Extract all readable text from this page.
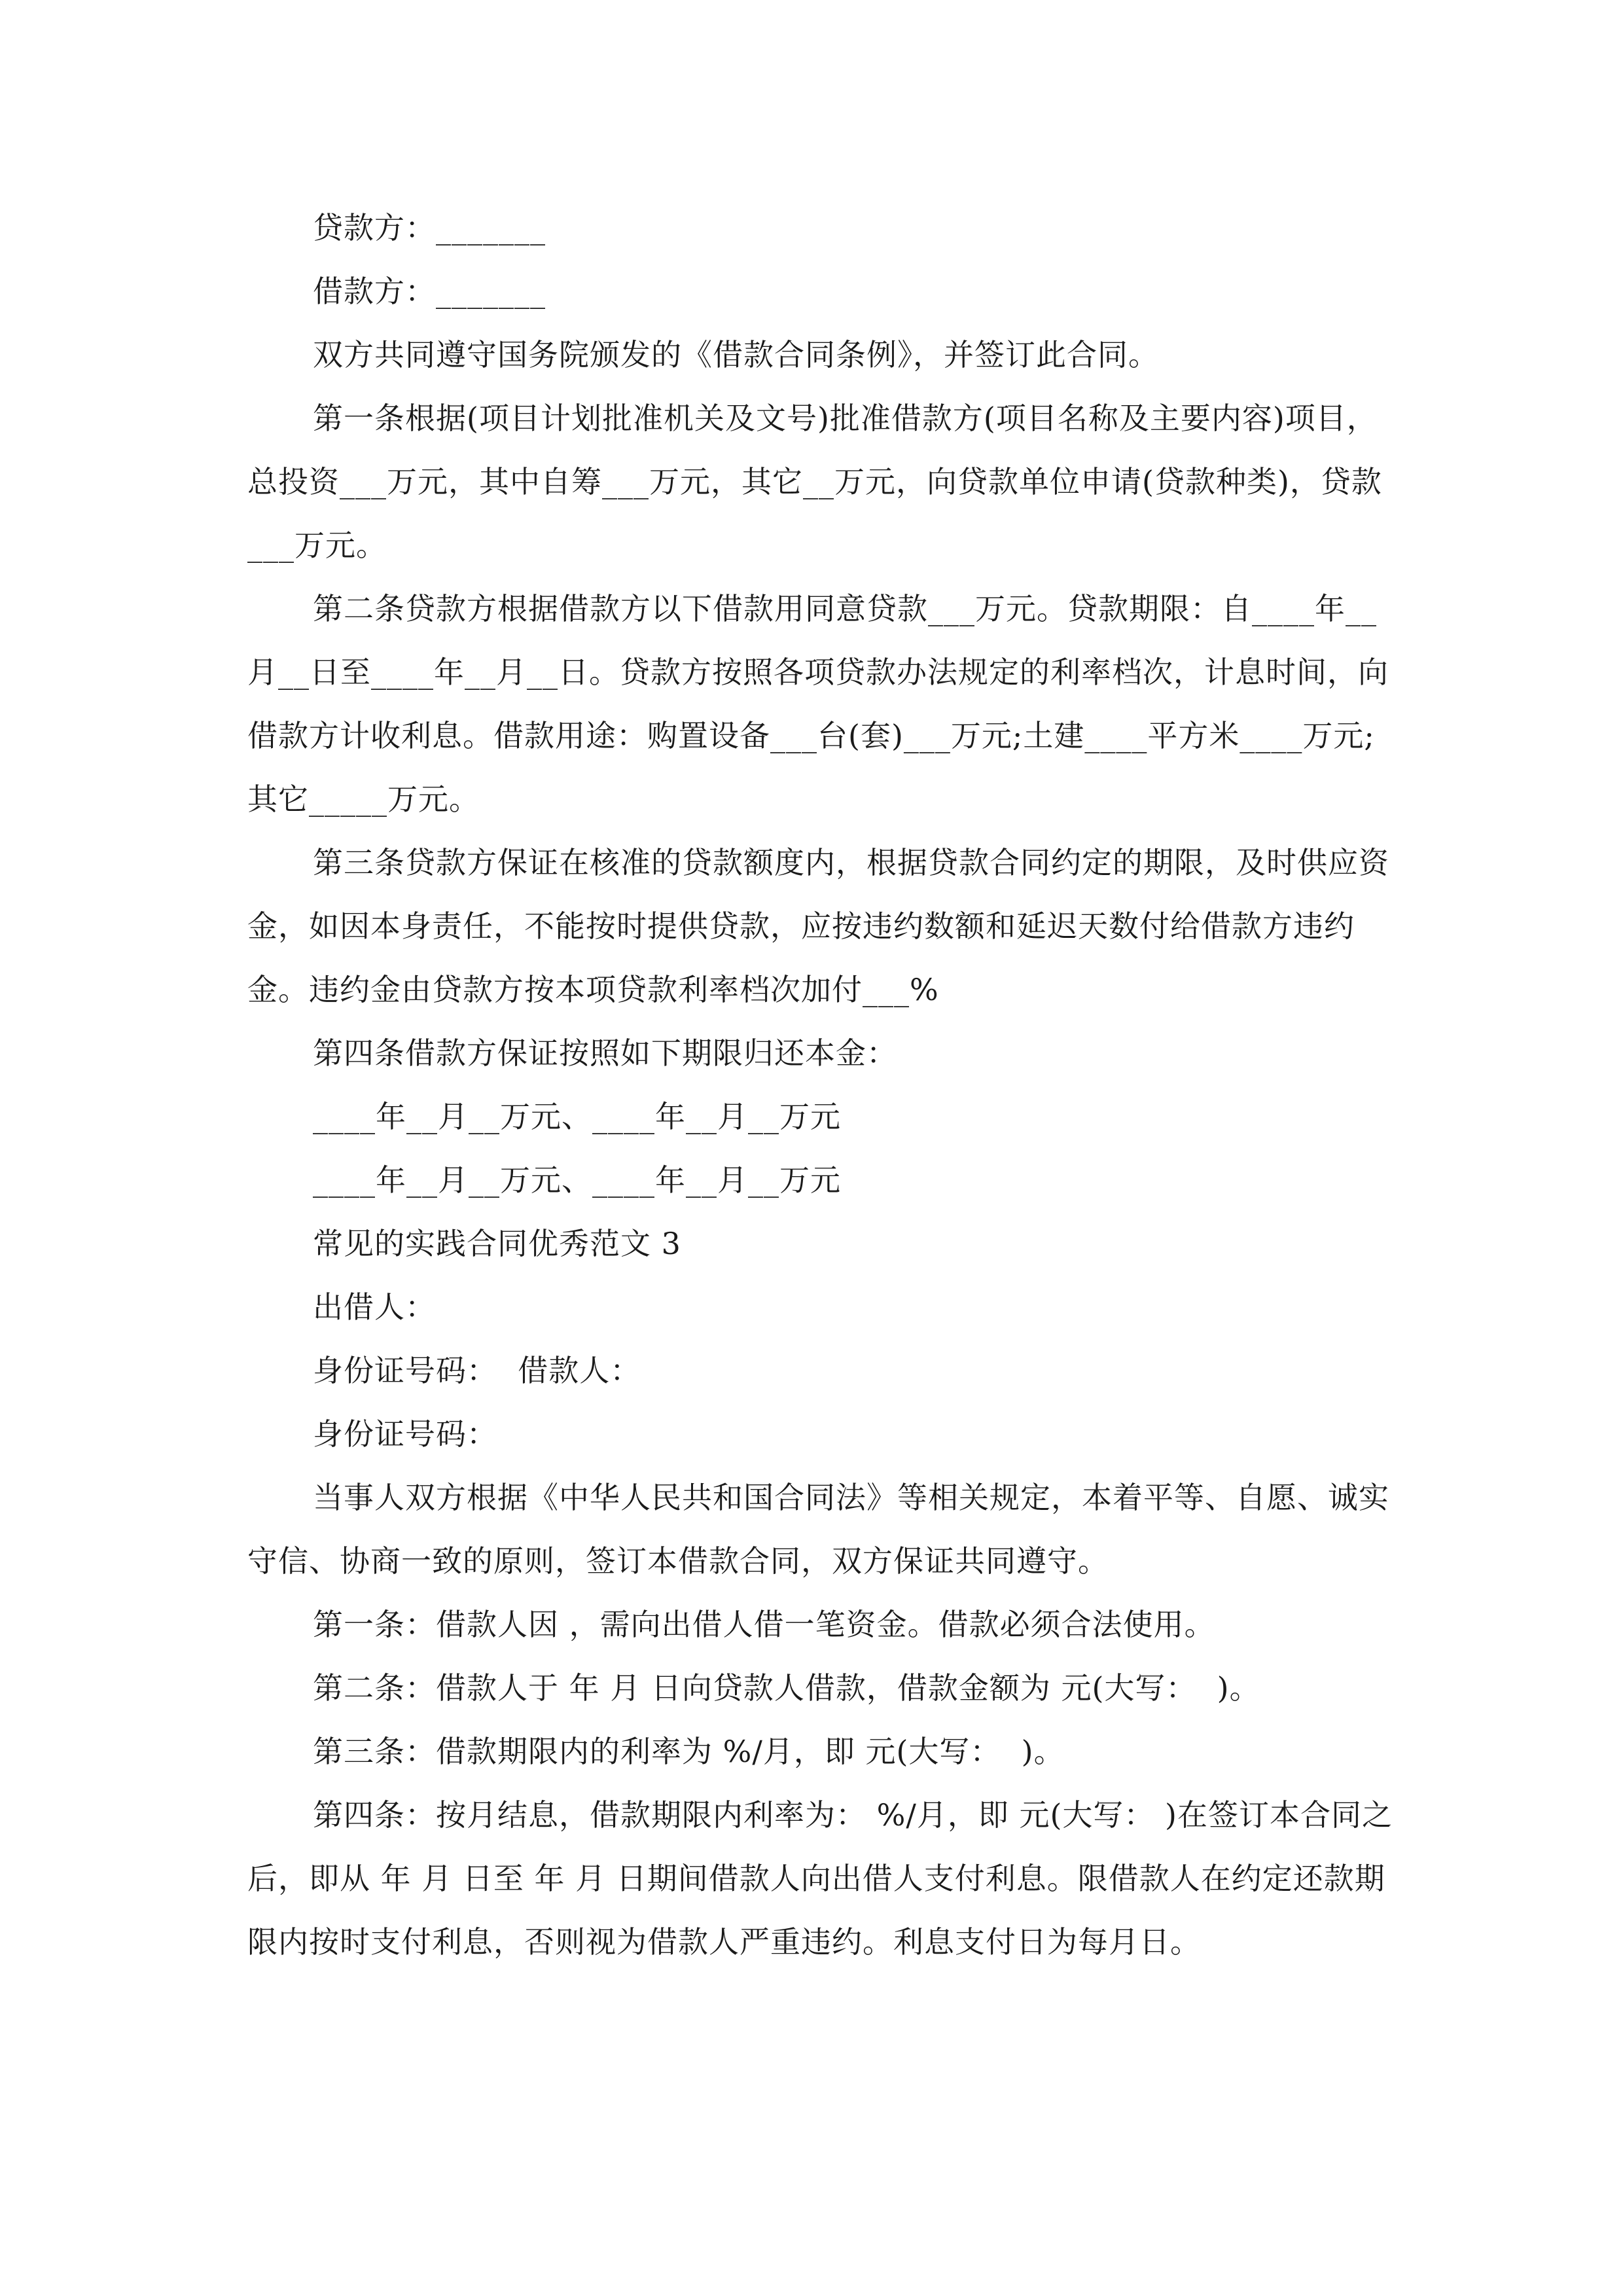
贷款方：_______

借款方：_______

双方共同遵守国务院颁发的《借款合同条例》，并签订此合同。

第一条根据(项目计划批准机关及文号)批准借款方(项目名称及主要内容)项目，总投资___万元，其中自筹___万元，其它__万元，向贷款单位申请(贷款种类)，贷款___万元。

第二条贷款方根据借款方以下借款用同意贷款___万元。贷款期限：自____年__月__日至____年__月__日。贷款方按照各项贷款办法规定的利率档次，计息时间，向借款方计收利息。借款用途：购置设备___台(套)___万元;土建____平方米____万元;其它_____万元。

第三条贷款方保证在核准的贷款额度内，根据贷款合同约定的期限，及时供应资金，如因本身责任，不能按时提供贷款，应按违约数额和延迟天数付给借款方违约金。违约金由贷款方按本项贷款利率档次加付___%

第四条借款方保证按照如下期限归还本金：

____年__月__万元、____年__月__万元

____年__月__万元、____年__月__万元

常见的实践合同优秀范文 3

出借人：

身份证号码：  借款人：

身份证号码：

当事人双方根据《中华人民共和国合同法》等相关规定，本着平等、自愿、诚实守信、协商一致的原则，签订本借款合同，双方保证共同遵守。

第一条：借款人因 ，需向出借人借一笔资金。借款必须合法使用。

第二条：借款人于 年 月 日向贷款人借款，借款金额为 元(大写：  )。

第三条：借款期限内的利率为 %/月，即 元(大写：  )。

第四条：按月结息，借款期限内利率为： %/月，即 元(大写： )在签订本合同之后，即从 年 月 日至 年 月 日期间借款人向出借人支付利息。限借款人在约定还款期限内按时支付利息，否则视为借款人严重违约。利息支付日为每月日。
